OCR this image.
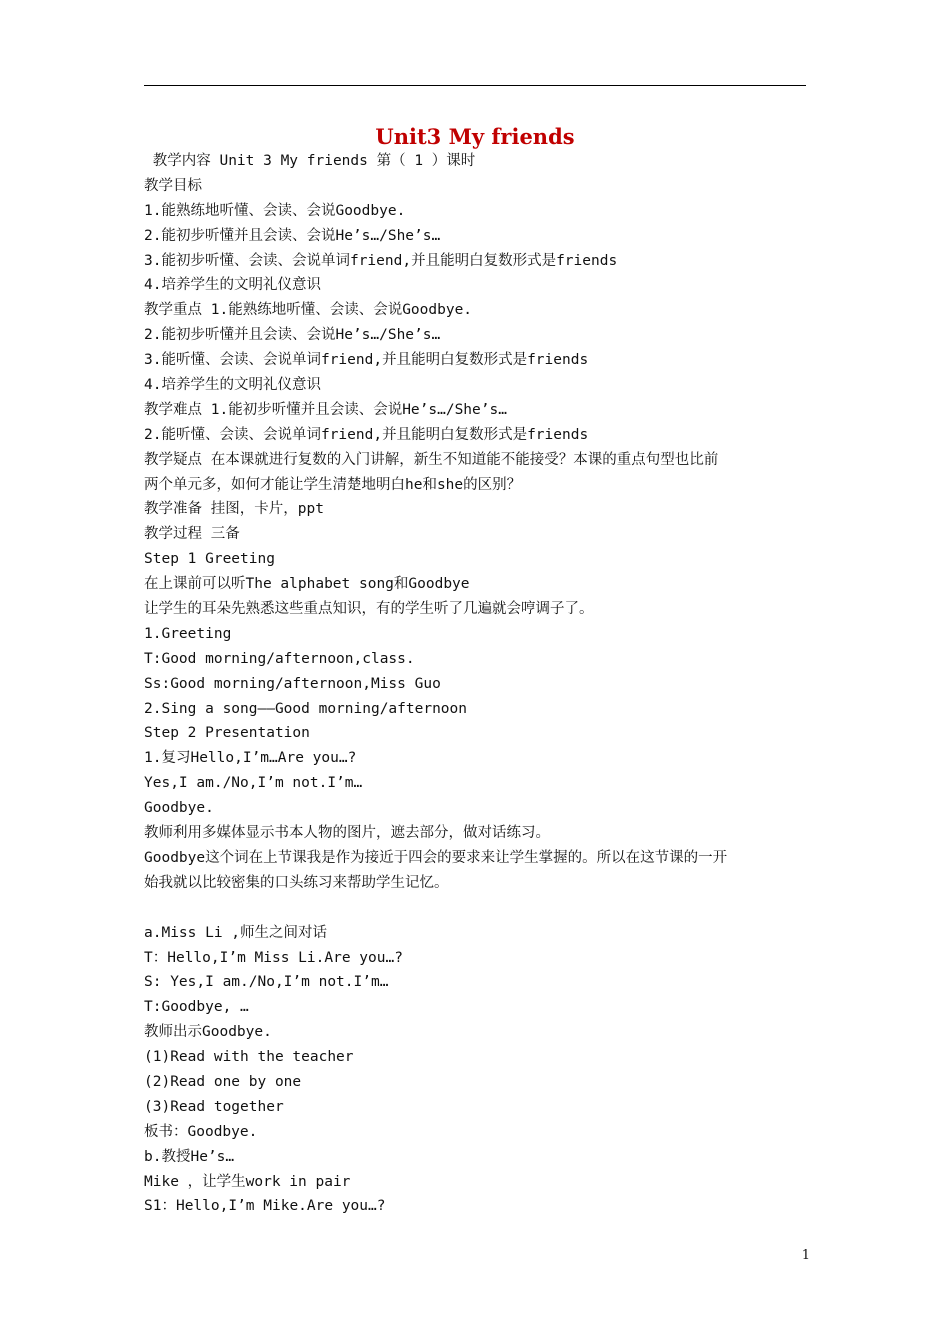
Unit3 My friends
教学内容 Unit 3 My friends 第（ 1 ）课时
教学目标
1.能熟练地听懂、会读、会说Goodbye.
2.能初步听懂并且会读、会说He’s…/She’s…
3.能初步听懂、会读、会说单词friend,并且能明白复数形式是friends
4.培养学生的文明礼仪意识
教学重点 1.能熟练地听懂、会读、会说Goodbye.
2.能初步听懂并且会读、会说He’s…/She’s…
3.能听懂、会读、会说单词friend,并且能明白复数形式是friends
4.培养学生的文明礼仪意识
教学难点 1.能初步听懂并且会读、会说He’s…/She’s…
2.能听懂、会读、会说单词friend,并且能明白复数形式是friends
教学疑点 在本课就进行复数的入门讲解，新生不知道能不能接受？本课的重点句型也比前
两个单元多，如何才能让学生清楚地明白he和she的区别？
教学准备 挂图，卡片，ppt
教学过程 三备
Step 1 Greeting
在上课前可以听The alphabet song和Goodbye
让学生的耳朵先熟悉这些重点知识，有的学生听了几遍就会哼调子了。
1.Greeting
T:Good morning/afternoon,class.
Ss:Good morning/afternoon,Miss Guo
2.Sing a song——Good morning/afternoon
Step 2 Presentation
1.复习Hello,I’m…Are you…?
Yes,I am./No,I’m not.I’m…
Goodbye.
教师利用多媒体显示书本人物的图片，遮去部分，做对话练习。
Goodbye这个词在上节课我是作为接近于四会的要求来让学生掌握的。所以在这节课的一开
始我就以比较密集的口头练习来帮助学生记忆。
a.Miss Li ,师生之间对话
T：Hello,I’m Miss Li.Are you…?
S: Yes,I am./No,I’m not.I’m…
T:Goodbye, …
教师出示Goodbye.
(1)Read with the teacher
(2)Read one by one
(3)Read together
板书：Goodbye.
b.教授He’s…
Mike ，让学生work in pair
S1：Hello,I’m Mike.Are you…?
1
